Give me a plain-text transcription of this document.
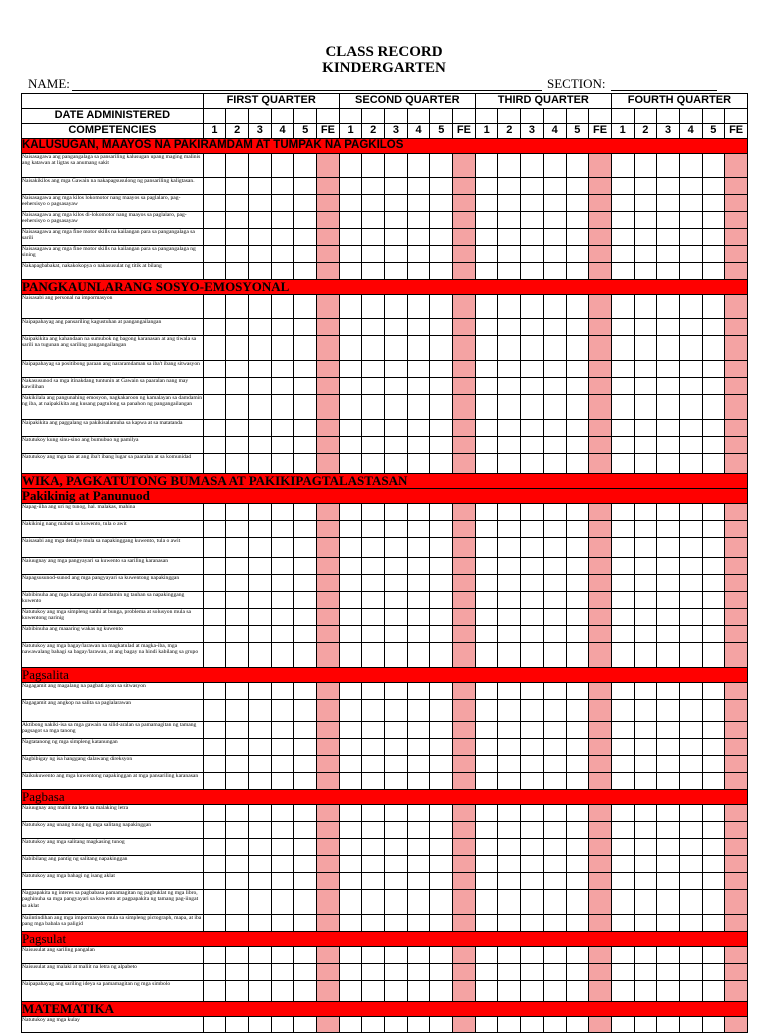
CLASS RECORD
KINDERGARTEN
NAME:	SECTION:
	FIRST QUARTER						SECOND QUARTER						THIRD QUARTER						FOURTH QUARTER					
DATE ADMINISTERED																								
COMPETENCIES	1	2	3	4	5	FE	1	2	3	4	5	FE	1	2	3	4	5	FE	1	2	3	4	5	FE
KALUSUGAN, MAAYOS NA PAKIRAMDAM AT TUMPAK NA PAGKILOS																								
Naisasagawa ang pangangalaga sa pansariling kalusugan upang maging malinis ang katawan at ligtas sa anumang sakit																								
Naisakikilos ang mga Gawain na nakapagsusulong ng pansariling kaligtasan.																								
Naisasagawa ang mga kilos lokomotor nang maayos sa paglalaro, pag-eehersisyo o pagsasayaw																								
Naisasagawa ang mga kilos di-lokomotor nang maayos sa paglalaro, pag-eehersisyo o pagsasayaw																								
Naisasagawa ang mga fine motor skills na kailangan para sa pangangalaga sa sarili																								
Naisasagawa ang mga fine motor skills na kailangan para sa pangangalaga ng sining																								
Nakapagbabakat, nakakokopya o nakasusulat ng titik at bilang																								
PANGKAUNLARANG SOSYO-EMOSYONAL																								
Naisasabi ang personal na impormasyon																								
Naipapahayag ang pansariling kagustuhan at pangangailangan																								
Naipakikita ang kahandaan na sumubok ng bagong karanasan at ang tiwala sa sarili na tugunan ang sariling pangangailangan																								
Naipapahayag sa positibong paraan ang nararamdaman sa iba't ibang sitwasyon																								
Nakasusunod sa mga itinakdang tuntunin at Gawain sa paaralan nang may kawilihan																								
Nakikilala ang pangunahing emosyon, nagkakaroon ng kamalayan sa damdamin ng iba, at naipakikita ang kusang pagtulong sa panahon ng pangangailangan																								
Naipakikita ang paggalang sa pakikisalamuha sa kapwa at sa matatanda																								
Natutukoy kung sinu-sino ang bumubuo ng pamilya																								
Natutukoy ang mga tao at ang iba't ibang lugar sa paaralan at sa komunidad																								
WIKA, PAGKATUTONG BUMASA AT PAKIKIPAGTALASTASAN																								
Pakikinig at Panunuod																								
Napag-iiba ang uri ng tunog, hal. malakas, mahina																								
Nakikinig nang mabuti sa kuwento, tula o awit																								
Naisasabi ang mga detalye mula sa napakinggang kuwento, tula o awit																								
Naiuugnay ang mga pangyayari sa kuwento sa sariling karanasan																								
Napagsusunod-sunod ang mga pangyayari sa kuwentong napakinggan																								
Nabibinuha ang mga katangian at damdamin ng tauhan sa napakinggang kuwento																								
Natutukoy ang mga simpleng sanhi at bunga, problema at solusyon mula sa kuwentong narinig																								
Nabibinuha ang maaaring wakas ng kuwento																								
Natutukoy ang mga bagay/larawan na magkatulad at magka-iba, mga nawawalang bahagi sa bagay/larawan, at ang bagay na hindi kabilang sa grupo																								
Pagsalita																								
Nagagamit ang magalang na pagbati ayon sa sitwasyon																								
Nagagamit ang angkop na salita sa paglalarawan																								
Aktibong nakiki-isa sa mga gawain sa silid-aralan sa pamamagitan ng tamang pagsagot sa mga tanong																								
Nagtatanong ng mga simpleng katanungan																								
Nagbibigay ng isa hanggang dalawang direksyon																								
Naikukuwento ang mga kuwentong napakinggan at mga pansariling karanasan																								
Pagbasa																								
Naiuugnay ang maliit na letra sa malaking letra																								
Natutukoy ang unang tunog ng mga salitang napakinggan																								
Natutukoy ang mga salitang magkasing tunog																								
Nabibilang ang pantig ng salitang napakinggan																								
Natutukoy ang mga bahagi ng isang aklat																								
Nagpapakita ng interes sa pagbabasa pamamagitan ng pagbuklat ng mga libro, paghinuha sa mga pangyayari sa kuwento at pagpapakita ng tamang pag-iingat sa aklat																								
Naiintindihan ang mga impormasyon mula sa simpleng pictograph, mapa, at iba pang mga babala sa paligid																								
Pagsulat																								
Naisusulat ang sariling pangalan																								
Naisusulat ang malaki at maliit na letra ng alpabeto																								
Naipapahayag ang sariling ideya sa pamamagitan ng mga simbolo																								
MATEMATIKA																								
Natutukoy ang mga kulay																								
